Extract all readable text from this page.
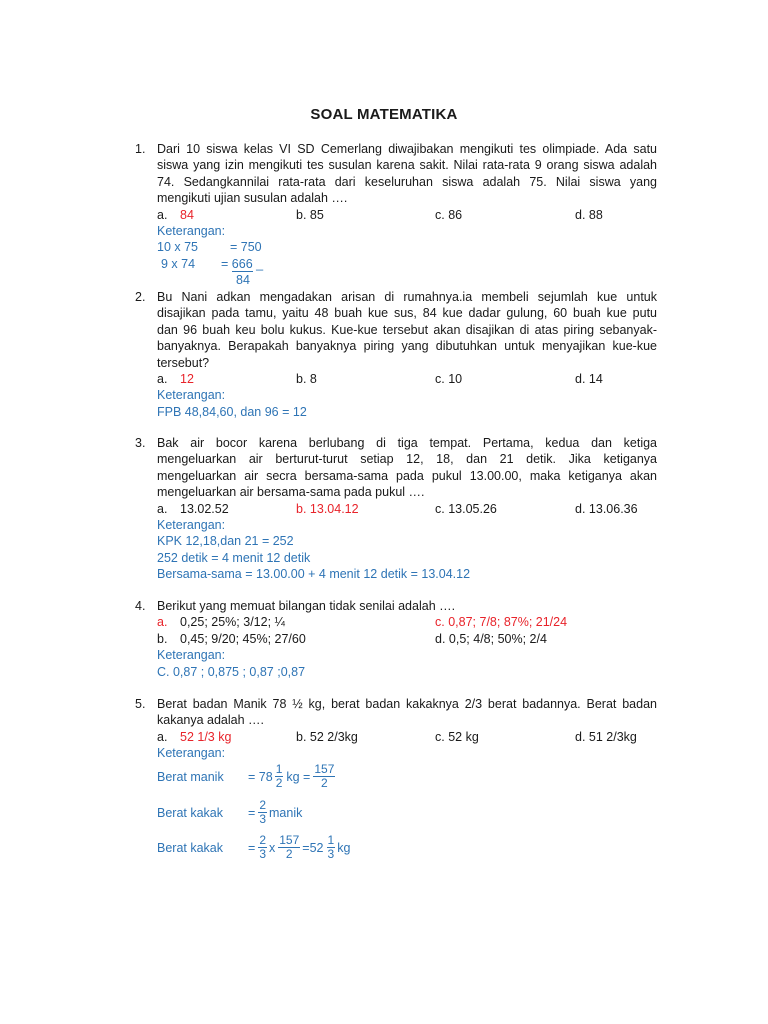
SOAL MATEMATIKA
1. Dari 10 siswa kelas VI SD Cemerlang diwajibakan mengikuti tes olimpiade. Ada satu
siswa yang izin mengikuti tes susulan karena sakit. Nilai rata-rata 9 orang siswa adalah
74. Sedangkannilai rata-rata dari keseluruhan siswa adalah 75. Nilai siswa yang
mengikuti ujian susulan adalah ….
a. 84	b. 85	c. 86	d. 88
Keterangan:
10 x 75	= 750
9 x 74 = 666 _
84
2. Bu Nani adkan mengadakan arisan di rumahnya.ia membeli sejumlah kue untuk
disajikan pada tamu, yaitu 48 buah kue sus, 84 kue dadar gulung, 60 buah kue putu
dan 96 buah keu bolu kukus. Kue-kue tersebut akan disajikan di atas piring sebanyak-
banyaknya. Berapakah banyaknya piring yang dibutuhkan untuk menyajikan kue-kue
tersebut?
a. 12	b. 8	c. 10	d. 14
Keterangan:
FPB 48,84,60, dan 96 = 12
3. Bak air bocor karena berlubang di tiga tempat. Pertama, kedua dan ketiga
mengeluarkan air berturut-turut setiap 12, 18, dan 21 detik. Jika ketiganya
mengeluarkan air secra bersama-sama pada pukul 13.00.00, maka ketiganya akan
mengeluarkan air bersama-sama pada pukul ….
a. 13.02.52	b. 13.04.12	c. 13.05.26	d. 13.06.36
Keterangan:
KPK 12,18,dan 21 = 252
252 detik = 4 menit 12 detik
Bersama-sama = 13.00.00 + 4 menit 12 detik = 13.04.12
4. Berikut yang memuat bilangan tidak senilai adalah ….
a. 0,25; 25%; 3/12; ¼	c. 0,87; 7/8; 87%; 21/24
b. 0,45; 9/20; 45%; 27/60	d. 0,5; 4/8; 50%; 2/4
Keterangan:
C. 0,87 ; 0,875 ; 0,87 ;0,87
5. Berat badan Manik 78 ½ kg, berat badan kakaknya 2/3 berat badannya. Berat badan
kakanya adalah ….
a. 52 1/3 kg	b. 52 2/3kg	c. 52 kg	d. 51 2/3kg
Keterangan:
Berat manik = $78 \frac{1}{2}$ kg = $\frac{157}{2}$
Berat kakak = $\frac{2}{3}$ manik
Berat kakak = $\frac{2}{3}$ x $\frac{157}{2} =52 \frac{1}{3}$ kg
